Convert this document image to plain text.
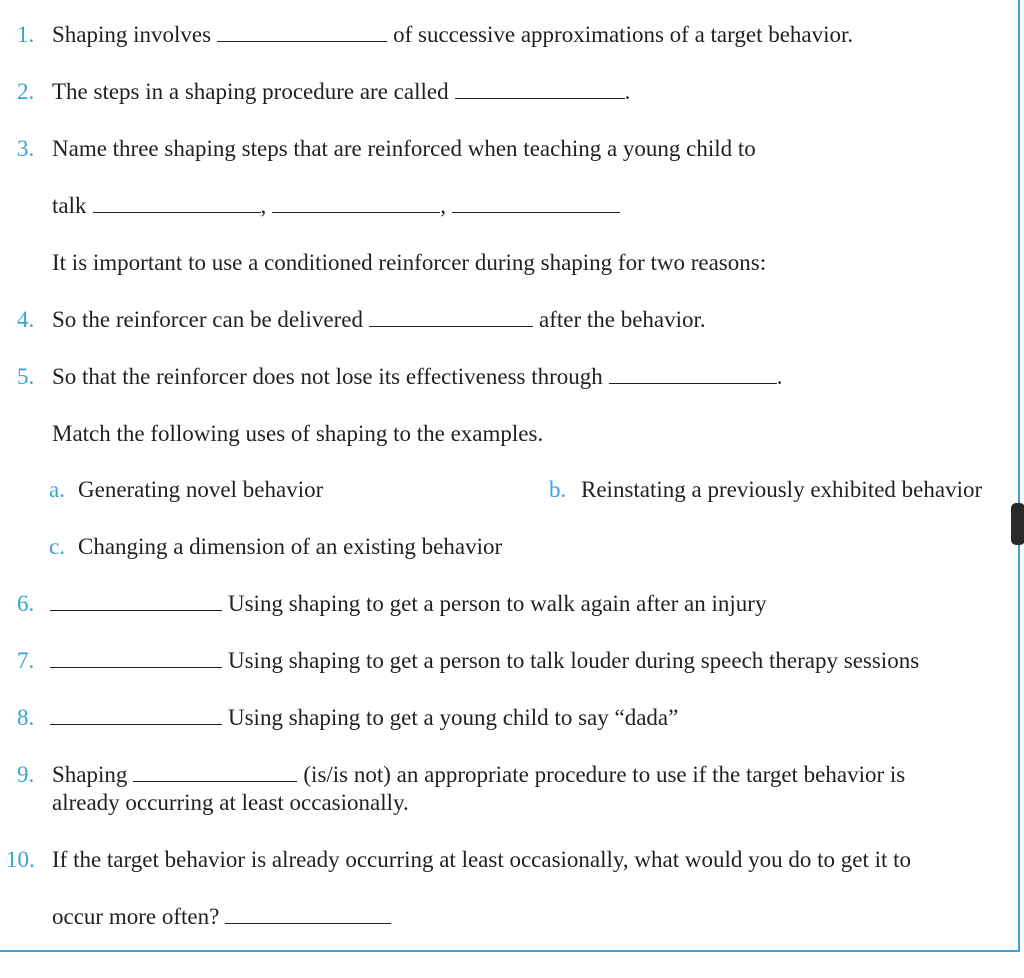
1. Shaping involves	of successive approximations of a target behavior.
2. The steps in a shaping procedure are called	.
3. Name three shaping steps that are reinforced when teaching a young child to
talk	,	,
It is important to use a conditioned reinforcer during shaping for two reasons:
4. So the reinforcer can be delivered	after the behavior.
5. So that the reinforcer does not lose its effectiveness through	.
Match the following uses of shaping to the examples.
a. Generating novel behavior	b. Reinstating a previously exhibited behavior
c. Changing a dimension of an existing behavior
6.	Using shaping to get a person to walk again after an injury
7.	Using shaping to get a person to talk louder during speech therapy sessions
8.	Using shaping to get a young child to say “dada”
9. Shaping	(is/is not) an appropriate procedure to use if the target behavior is
already occurring at least occasionally.
10. If the target behavior is already occurring at least occasionally, what would you do to get it to
occur more often?
